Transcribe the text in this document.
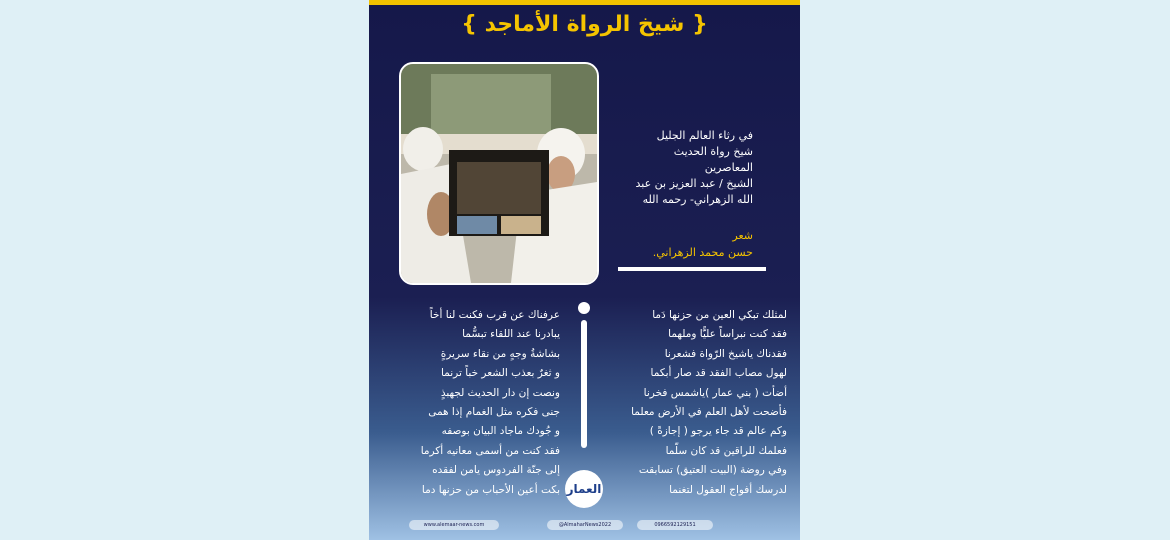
{ شيخ الرواة الأماجد }
في رثاء العالم الجليل
شيخ رواة الحديث
المعاصرين
الشيخ / عبد العزيز بن عبد
الله الزهراني- رحمه الله
شعر
حسن محمد الزهراني.
لمثلك تبكي العين من حزنها دَما
فقد كنت نبراساً عليًّا وملهما
فقدناك ياشيخ الرّواة فشعرنا
لهول مصاب الفقد قد صار أبكما
أضأت ( بني عمار )ياشمس فخرنا
فأضحت لأهل العلم في الأرض معلما
وكم عالم قد جاء يرجو ( إجازةً )
فعلمك للراقين قد كان سلّما
وفي روضة (البيت العتيق) تسابقت
لدرسك أفواج العقول لتغنما
عرفناك عن قرب فكنت لنا أخاً
يبادرنا عند اللقاء تبسُّما
بشاشةُ وجهٍ من نقاء سريرةٍ
و ثغرٌ بعذب الشعر خباً ترنما
ونصت إن دار الحديث لجهبذٍ
جنى فكره مثل الغمام إذا همى
و جُودك ماجاد البيان بوصفه
فقد كنت من أسمى معانيه أكرما
إلى جنّة الفردوس يامن لفقده
بكت أعين الأحباب من حزنها دما العمار
www.alemaar-news.com	@AlmaharNews2022	0966592129151
